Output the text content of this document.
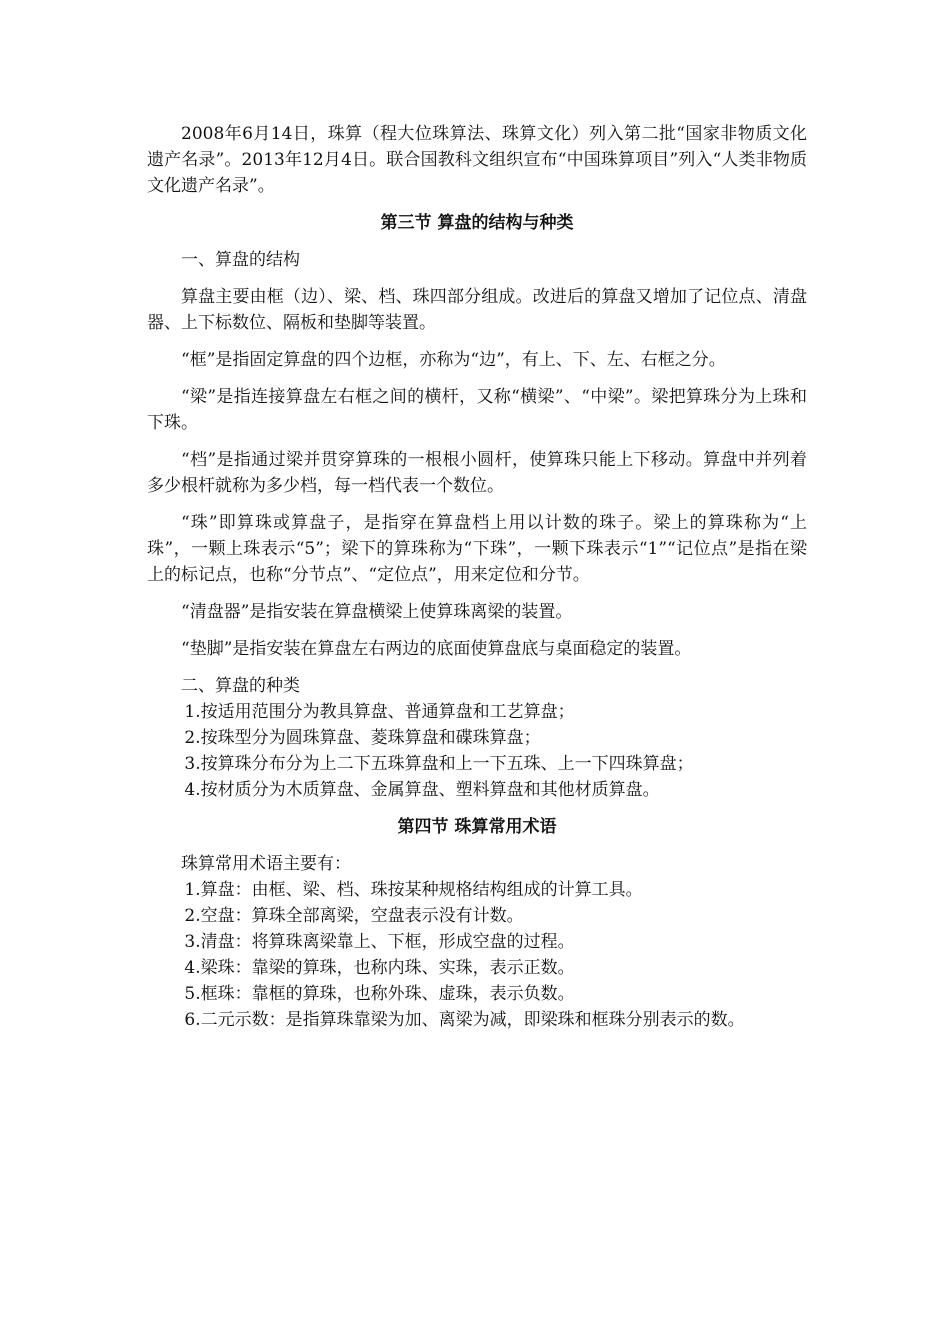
2008年6月14日，珠算（程大位珠算法、珠算文化）列入第二批“国家非物质文化遗产名录”。2013年12月4日。联合国教科文组织宣布“中国珠算项目”列入“人类非物质文化遗产名录”。

第三节 算盘的结构与种类

一、算盘的结构

算盘主要由框（边）、梁、档、珠四部分组成。改进后的算盘又增加了记位点、清盘器、上下标数位、隔板和垫脚等装置。

“框”是指固定算盘的四个边框，亦称为“边”，有上、下、左、右框之分。

“梁”是指连接算盘左右框之间的横杆，又称“横梁”、“中梁”。梁把算珠分为上珠和下珠。

“档”是指通过梁并贯穿算珠的一根根小圆杆，使算珠只能上下移动。算盘中并列着多少根杆就称为多少档，每一档代表一个数位。

“珠”即算珠或算盘子，是指穿在算盘档上用以计数的珠子。梁上的算珠称为“上珠”，一颗上珠表示“5”；梁下的算珠称为“下珠”，一颗下珠表示“1”“记位点”是指在梁上的标记点，也称“分节点”、“定位点”，用来定位和分节。

“清盘器”是指安装在算盘横梁上使算珠离梁的装置。

“垫脚”是指安装在算盘左右两边的底面使算盘底与桌面稳定的装置。

二、算盘的种类

1.按适用范围分为教具算盘、普通算盘和工艺算盘；

2.按珠型分为圆珠算盘、菱珠算盘和碟珠算盘；

3.按算珠分布分为上二下五珠算盘和上一下五珠、上一下四珠算盘；

4.按材质分为木质算盘、金属算盘、塑料算盘和其他材质算盘。

第四节 珠算常用术语

珠算常用术语主要有：

1.算盘：由框、梁、档、珠按某种规格结构组成的计算工具。

2.空盘：算珠全部离梁，空盘表示没有计数。

3.清盘：将算珠离梁靠上、下框，形成空盘的过程。

4.梁珠：靠梁的算珠，也称内珠、实珠，表示正数。

5.框珠：靠框的算珠，也称外珠、虚珠，表示负数。

6.二元示数：是指算珠靠梁为加、离梁为减，即梁珠和框珠分别表示的数。
